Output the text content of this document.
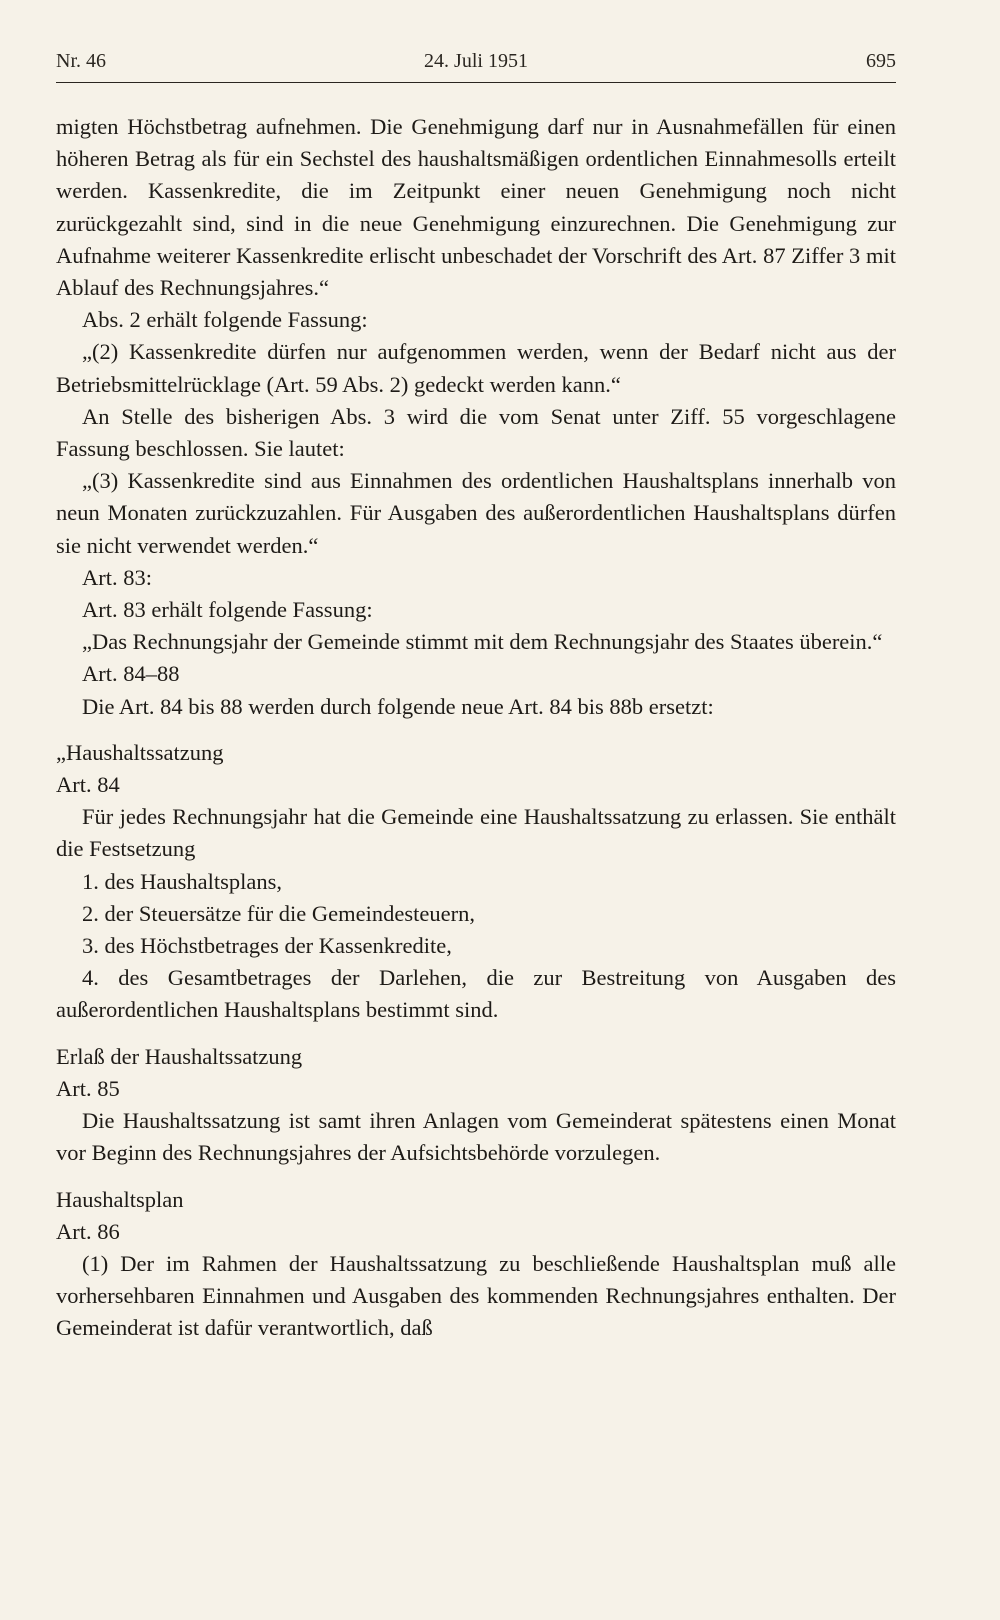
Nr. 46	24. Juli 1951	695

migten Höchstbetrag aufnehmen. Die Genehmigung darf nur in Ausnahmefällen für einen höheren Betrag als für ein Sechstel des haushaltsmäßigen ordentlichen Einnahmesolls erteilt werden. Kassenkredite, die im Zeitpunkt einer neuen Genehmigung noch nicht zurückgezahlt sind, sind in die neue Genehmigung einzurechnen. Die Genehmigung zur Aufnahme weiterer Kassenkredite erlischt unbeschadet der Vorschrift des Art. 87 Ziffer 3 mit Ablauf des Rechnungsjahres.“

Abs. 2 erhält folgende Fassung:

„(2) Kassenkredite dürfen nur aufgenommen werden, wenn der Bedarf nicht aus der Betriebsmittelrücklage (Art. 59 Abs. 2) gedeckt werden kann.“

An Stelle des bisherigen Abs. 3 wird die vom Senat unter Ziff. 55 vorgeschlagene Fassung beschlossen. Sie lautet:

„(3) Kassenkredite sind aus Einnahmen des ordentlichen Haushaltsplans innerhalb von neun Monaten zurückzuzahlen. Für Ausgaben des außerordentlichen Haushaltsplans dürfen sie nicht verwendet werden.“

Art. 83:

Art. 83 erhält folgende Fassung:

„Das Rechnungsjahr der Gemeinde stimmt mit dem Rechnungsjahr des Staates überein.“

Art. 84–88

Die Art. 84 bis 88 werden durch folgende neue Art. 84 bis 88b ersetzt:

„Haushaltssatzung

Art. 84

Für jedes Rechnungsjahr hat die Gemeinde eine Haushaltssatzung zu erlassen. Sie enthält die Festsetzung

1. des Haushaltsplans,

2. der Steuersätze für die Gemeindesteuern,

3. des Höchstbetrages der Kassenkredite,

4. des Gesamtbetrages der Darlehen, die zur Bestreitung von Ausgaben des außerordentlichen Haushaltsplans bestimmt sind.

Erlaß der Haushaltssatzung

Art. 85

Die Haushaltssatzung ist samt ihren Anlagen vom Gemeinderat spätestens einen Monat vor Beginn des Rechnungsjahres der Aufsichtsbehörde vorzulegen.

Haushaltsplan

Art. 86

(1) Der im Rahmen der Haushaltssatzung zu beschließende Haushaltsplan muß alle vorhersehbaren Einnahmen und Ausgaben des kommenden Rechnungsjahres enthalten. Der Gemeinderat ist dafür verantwortlich, daß
